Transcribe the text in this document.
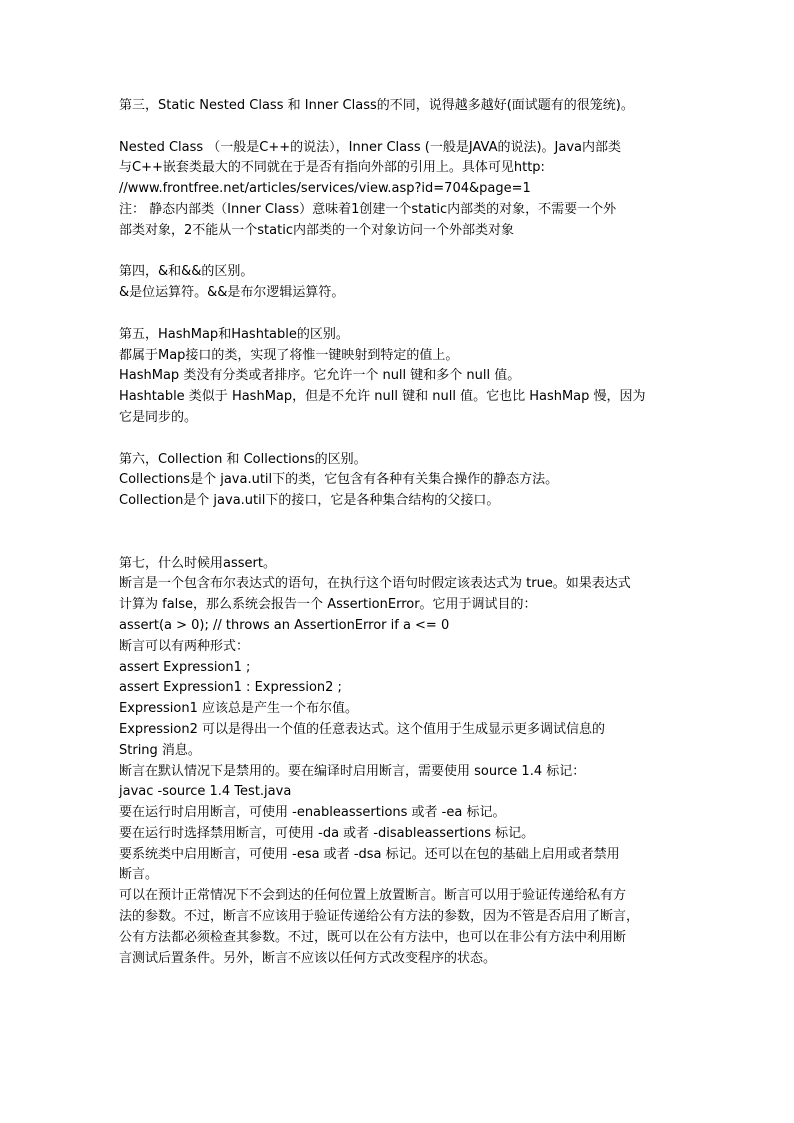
第三，Static Nested Class 和 Inner Class的不同，说得越多越好(面试题有的很笼统)。
Nested Class （一般是C++的说法），Inner Class (一般是JAVA的说法)。Java内部类
与C++嵌套类最大的不同就在于是否有指向外部的引用上。具体可见http:
//www.frontfree.net/articles/services/view.asp?id=704&page=1
注： 静态内部类（Inner Class）意味着1创建一个static内部类的对象，不需要一个外
部类对象，2不能从一个static内部类的一个对象访问一个外部类对象
第四，&和&&的区别。
&是位运算符。&&是布尔逻辑运算符。
第五，HashMap和Hashtable的区别。
都属于Map接口的类，实现了将惟一键映射到特定的值上。
HashMap 类没有分类或者排序。它允许一个 null 键和多个 null 值。
Hashtable 类似于 HashMap，但是不允许 null 键和 null 值。它也比 HashMap 慢，因为
它是同步的。
第六，Collection 和 Collections的区别。
Collections是个 java.util下的类，它包含有各种有关集合操作的静态方法。
Collection是个 java.util下的接口，它是各种集合结构的父接口。
第七，什么时候用assert。
断言是一个包含布尔表达式的语句，在执行这个语句时假定该表达式为 true。如果表达式
计算为 false，那么系统会报告一个 AssertionError。它用于调试目的：
assert(a > 0); // throws an AssertionError if a <= 0
断言可以有两种形式：
assert Expression1 ;
assert Expression1 : Expression2 ;
Expression1 应该总是产生一个布尔值。
Expression2 可以是得出一个值的任意表达式。这个值用于生成显示更多调试信息的
String 消息。
断言在默认情况下是禁用的。要在编译时启用断言，需要使用 source 1.4 标记：
javac -source 1.4 Test.java
要在运行时启用断言，可使用 -enableassertions 或者 -ea 标记。
要在运行时选择禁用断言，可使用 -da 或者 -disableassertions 标记。
要系统类中启用断言，可使用 -esa 或者 -dsa 标记。还可以在包的基础上启用或者禁用
断言。
可以在预计正常情况下不会到达的任何位置上放置断言。断言可以用于验证传递给私有方
法的参数。不过，断言不应该用于验证传递给公有方法的参数，因为不管是否启用了断言，
公有方法都必须检查其参数。不过，既可以在公有方法中，也可以在非公有方法中利用断
言测试后置条件。另外，断言不应该以任何方式改变程序的状态。
